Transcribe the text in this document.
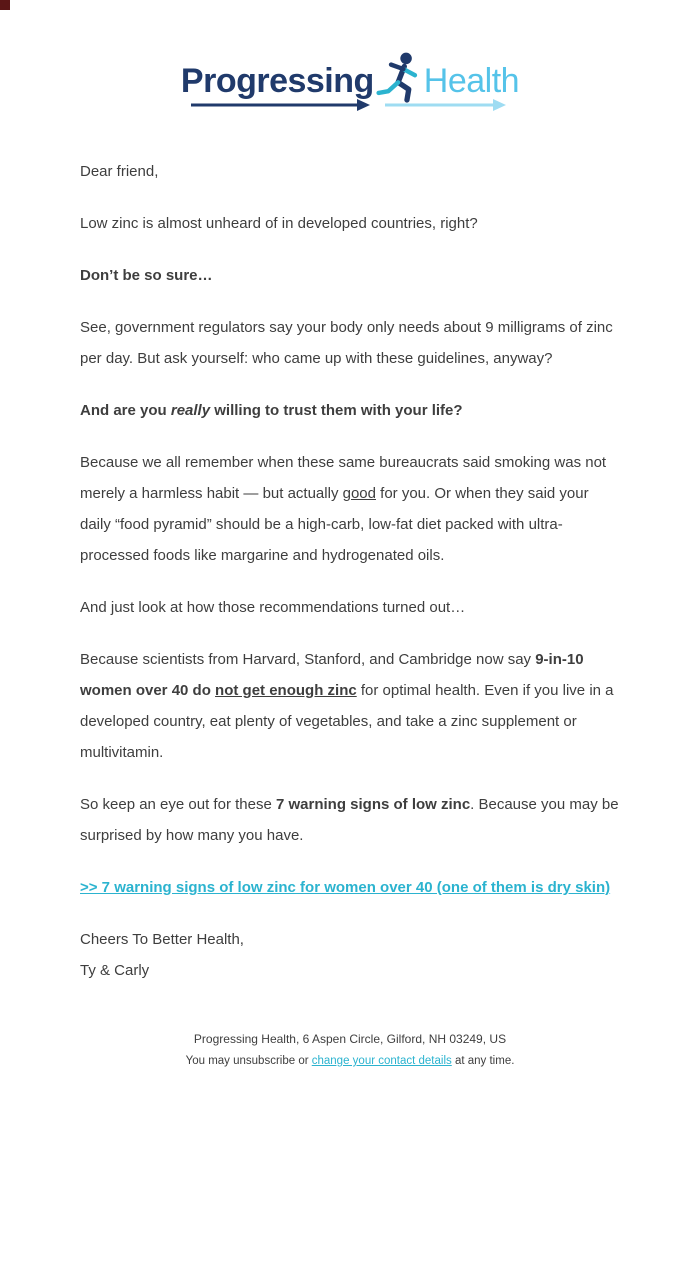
Progressing Health

Dear friend,

Low zinc is almost unheard of in developed countries, right?

Don’t be so sure…

See, government regulators say your body only needs about 9 milligrams of zinc per day. But ask yourself: who came up with these guidelines, anyway?

And are you really willing to trust them with your life?

Because we all remember when these same bureaucrats said smoking was not merely a harmless habit — but actually good for you. Or when they said your daily “food pyramid” should be a high-carb, low-fat diet packed with ultra-processed foods like margarine and hydrogenated oils.

And just look at how those recommendations turned out…

Because scientists from Harvard, Stanford, and Cambridge now say 9-in-10 women over 40 do not get enough zinc for optimal health. Even if you live in a developed country, eat plenty of vegetables, and take a zinc supplement or multivitamin.

So keep an eye out for these 7 warning signs of low zinc. Because you may be surprised by how many you have.

>> 7 warning signs of low zinc for women over 40 (one of them is dry skin)

Cheers To Better Health,
Ty & Carly

Progressing Health, 6 Aspen Circle, Gilford, NH 03249, US
You may unsubscribe or change your contact details at any time.
